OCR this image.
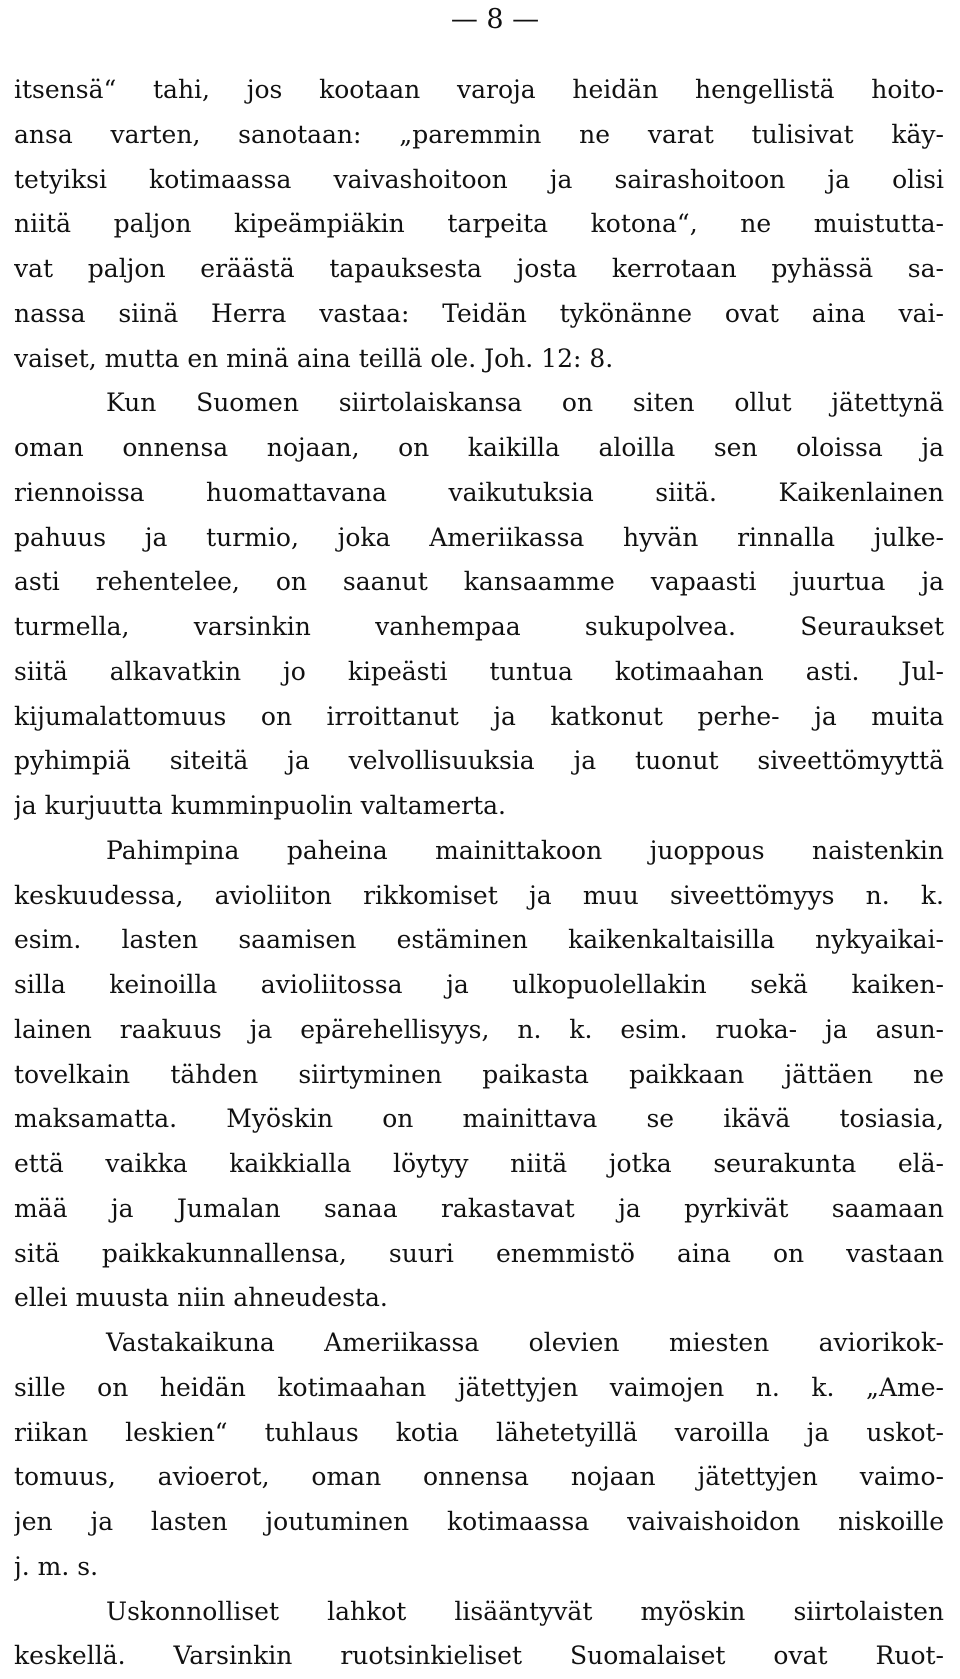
— 8 —
itsensä“ tahi, jos kootaan varoja heidän hengellistä hoito-
ansa varten, sanotaan: „paremmin ne varat tulisivat käy-
tetyiksi kotimaassa vaivashoitoon ja sairashoitoon ja olisi
niitä paljon kipeämpiäkin tarpeita kotona“, ne muistutta-
vat paljon eräästä tapauksesta josta kerrotaan pyhässä sa-
nassa siinä Herra vastaa: Teidän tykönänne ovat aina vai-
vaiset, mutta en minä aina teillä ole. Joh. 12: 8.
Kun Suomen siirtolaiskansa on siten ollut jätettynä
oman onnensa nojaan, on kaikilla aloilla sen oloissa ja
riennoissa huomattavana vaikutuksia siitä. Kaikenlainen
pahuus ja turmio, joka Ameriikassa hyvän rinnalla julke-
asti rehentelee, on saanut kansaamme vapaasti juurtua ja
turmella, varsinkin vanhempaa sukupolvea. Seuraukset
siitä alkavatkin jo kipeästi tuntua kotimaahan asti. Jul-
kijumalattomuus on irroittanut ja katkonut perhe- ja muita
pyhimpiä siteitä ja velvollisuuksia ja tuonut siveettömyyttä
ja kurjuutta kumminpuolin valtamerta.
Pahimpina paheina mainittakoon juoppous naistenkin
keskuudessa, avioliiton rikkomiset ja muu siveettömyys n. k.
esim. lasten saamisen estäminen kaikenkaltaisilla nykyaikai-
silla keinoilla avioliitossa ja ulkopuolellakin sekä kaiken-
lainen raakuus ja epärehellisyys, n. k. esim. ruoka- ja asun-
tovelkain tähden siirtyminen paikasta paikkaan jättäen ne
maksamatta. Myöskin on mainittava se ikävä tosiasia,
että vaikka kaikkialla löytyy niitä jotka seurakunta elä-
mää ja Jumalan sanaa rakastavat ja pyrkivät saamaan
sitä paikkakunnallensa, suuri enemmistö aina on vastaan
ellei muusta niin ahneudesta.
Vastakaikuna Ameriikassa olevien miesten aviorikok-
sille on heidän kotimaahan jätettyjen vaimojen n. k. „Ame-
riikan leskien“ tuhlaus kotia lähetetyillä varoilla ja uskot-
tomuus, avioerot, oman onnensa nojaan jätettyjen vaimo-
jen ja lasten joutuminen kotimaassa vaivaishoidon niskoille
j. m. s.
Uskonnolliset lahkot lisääntyvät myöskin siirtolaisten
keskellä. Varsinkin ruotsinkieliset Suomalaiset ovat Ruot-
